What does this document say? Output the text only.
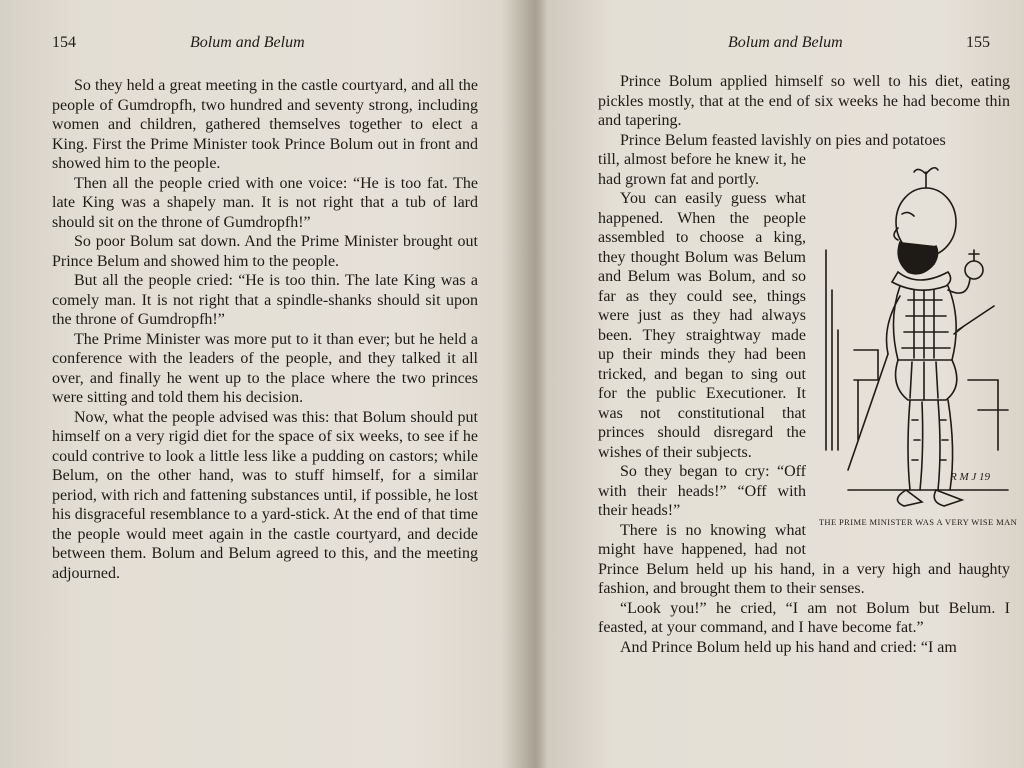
154	Bolum and Belum

So they held a great meeting in the castle courtyard, and all the people of Gumdropfh, two hundred and seventy strong, including women and children, gathered themselves together to elect a King. First the Prime Minister took Prince Bolum out in front and showed him to the people.

Then all the people cried with one voice: “He is too fat. The late King was a shapely man. It is not right that a tub of lard should sit on the throne of Gumdropfh!”

So poor Bolum sat down. And the Prime Minister brought out Prince Belum and showed him to the people.

But all the people cried: “He is too thin. The late King was a comely man. It is not right that a spindle-shanks should sit upon the throne of Gumdropfh!”

The Prime Minister was more put to it than ever; but he held a conference with the leaders of the people, and they talked it all over, and finally he went up to the place where the two princes were sitting and told them his decision.

Now, what the people advised was this: that Bolum should put himself on a very rigid diet for the space of six weeks, to see if he could contrive to look a little less like a pudding on castors; while Belum, on the other hand, was to stuff himself, for a similar period, with rich and fattening substances until, if possible, he lost his disgraceful resemblance to a yard-stick. At the end of that time the people would meet again in the castle courtyard, and decide between them. Bolum and Belum agreed to this, and the meeting adjourned.

Bolum and Belum	155

Prince Bolum applied himself so well to his diet, eating pickles mostly, that at the end of six weeks he had become thin and tapering.

Prince Belum feasted lavishly on pies and potatoes

R M J 19
THE PRIME MINISTER WAS A VERY WISE MAN

till, almost before he knew it, he had grown fat and portly.

You can easily guess what happened. When the people assembled to choose a king, they thought Bolum was Belum and Belum was Bolum, and so far as they could see, things were just as they had always been. They straightway made up their minds they had been tricked, and began to sing out for the public Executioner. It was not constitutional that princes should disregard the wishes of their subjects.

So they began to cry: “Off with their heads!” “Off with their heads!”

There is no knowing what might have happened, had not Prince Belum held up his hand, in a very high and haughty fashion, and brought them to their senses.

“Look you!” he cried, “I am not Bolum but Belum. I feasted, at your command, and I have become fat.”

And Prince Bolum held up his hand and cried: “I am
